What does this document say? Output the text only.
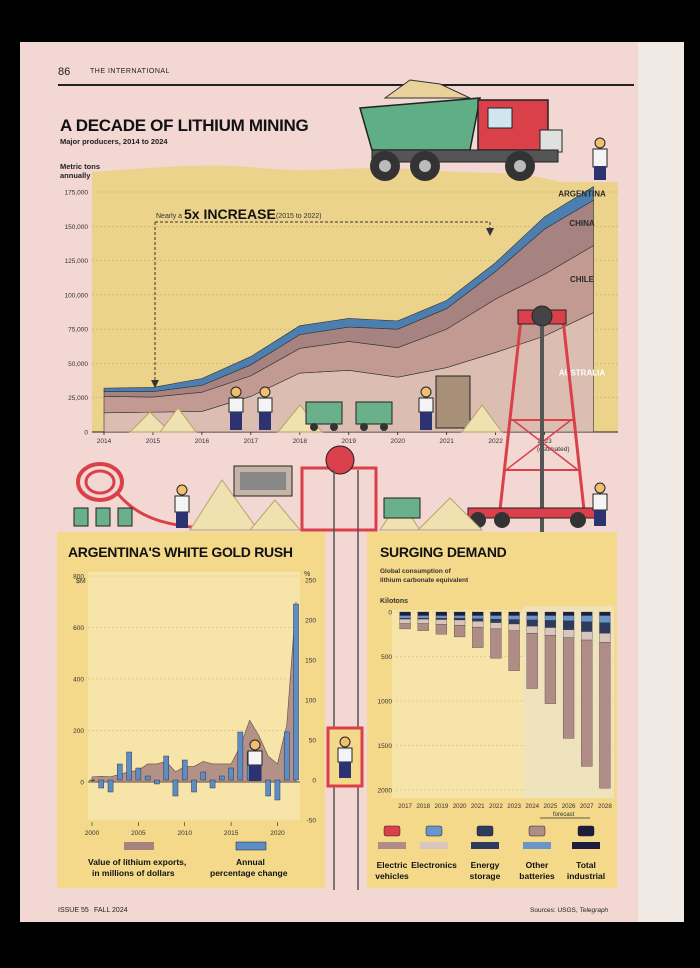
86	THE INTERNATIONAL
A DECADE OF LITHIUM MINING
Major producers, 2014 to 2024
Metric tons annually
0
25,000
50,000
75,000
100,000
125,000
150,000
175,000
2014	2015	2016	2017	2018	2019	2020	2021	2022	2023
AUSTRALIA
CHILE
CHINA
ARGENTINA
Nearly a 5x INCREASE (2015 to 2022)
(estimated)
0
200
400
600
800
-50
0
50
100
150
200
250
2000	2005	2010	2015	2020
$M
%
Value of lithium exports, in millions of dollars
Annual percentage change
0
500
1000
1500
2000
2017 2018 2019 2020 2021 2022 2023 2024 2025 2026 2027 2028
Kilotons
Global consumption of lithium carbonate equivalent
forecast
Electric
vehicles
Electronics Energy
storage
Other
batteries
Total
industrial
ISSUE 55 FALL 2024	Sources: USGS, Telegraph
ARGENTINA'S WHITE GOLD RUSH	SURGING DEMAND
